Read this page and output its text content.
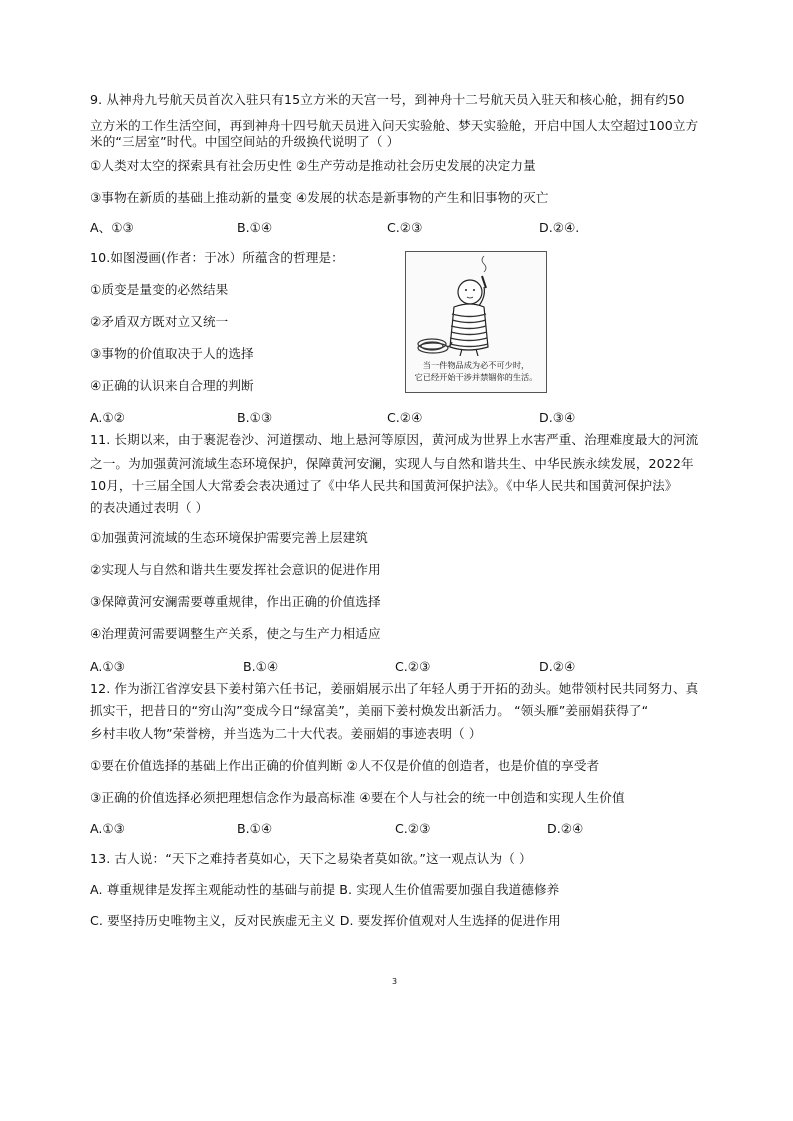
9. 从神舟九号航天员首次入驻只有15立方米的天宫一号，到神舟十二号航天员入驻天和核心舱，拥有约50
立方米的工作生活空间，再到神舟十四号航天员进入问天实验舱、梦天实验舱，开启中国人太空超过100立方
米的“三居室”时代。中国空间站的升级换代说明了（ ）
①人类对太空的探索具有社会历史性 ②生产劳动是推动社会历史发展的决定力量
③事物在新质的基础上推动新的量变 ④发展的状态是新事物的产生和旧事物的灭亡
A、①③	B.①④	C.②③	D.②④.
10.如图漫画(作者：于冰）所蕴含的哲理是：
①质变是量变的必然结果
②矛盾双方既对立又统一
③事物的价值取决于人的选择
④正确的认识来自合理的判断
当一件物品成为必不可少时，
它已经开始干涉并禁锢你的生活。
A.①②	B.①③	C.②④	D.③④
11. 长期以来，由于裹泥卷沙、河道摆动、地上悬河等原因，黄河成为世界上水害严重、治理难度最大的河流
之一。为加强黄河流域生态环境保护，保障黄河安澜，实现人与自然和谐共生、中华民族永续发展，2022年
10月，十三届全国人大常委会表决通过了《中华人民共和国黄河保护法》。《中华人民共和国黄河保护法》
的表决通过表明（ ）
①加强黄河流域的生态环境保护需要完善上层建筑
②实现人与自然和谐共生要发挥社会意识的促进作用
③保障黄河安澜需要尊重规律，作出正确的价值选择
④治理黄河需要调整生产关系，使之与生产力相适应
A.①③	B.①④	C.②③	D.②④
12. 作为浙江省淳安县下姜村第六任书记，姜丽娟展示出了年轻人勇于开拓的劲头。她带领村民共同努力、真
抓实干，把昔日的“穷山沟”变成今日“绿富美”，美丽下姜村焕发出新活力。 “领头雁”姜丽娟获得了“
乡村丰收人物”荣誉榜，并当选为二十大代表。姜丽娟的事迹表明（ ）
①要在价值选择的基础上作出正确的价值判断 ②人不仅是价值的创造者，也是价值的享受者
③正确的价值选择必须把理想信念作为最高标准 ④要在个人与社会的统一中创造和实现人生价值
A.①③	B.①④	C.②③	D.②④
13. 古人说：“天下之难持者莫如心，天下之易染者莫如欲。”这一观点认为（ ）
A. 尊重规律是发挥主观能动性的基础与前提 B. 实现人生价值需要加强自我道德修养
C. 要坚持历史唯物主义，反对民族虚无主义 D. 要发挥价值观对人生选择的促进作用
3
